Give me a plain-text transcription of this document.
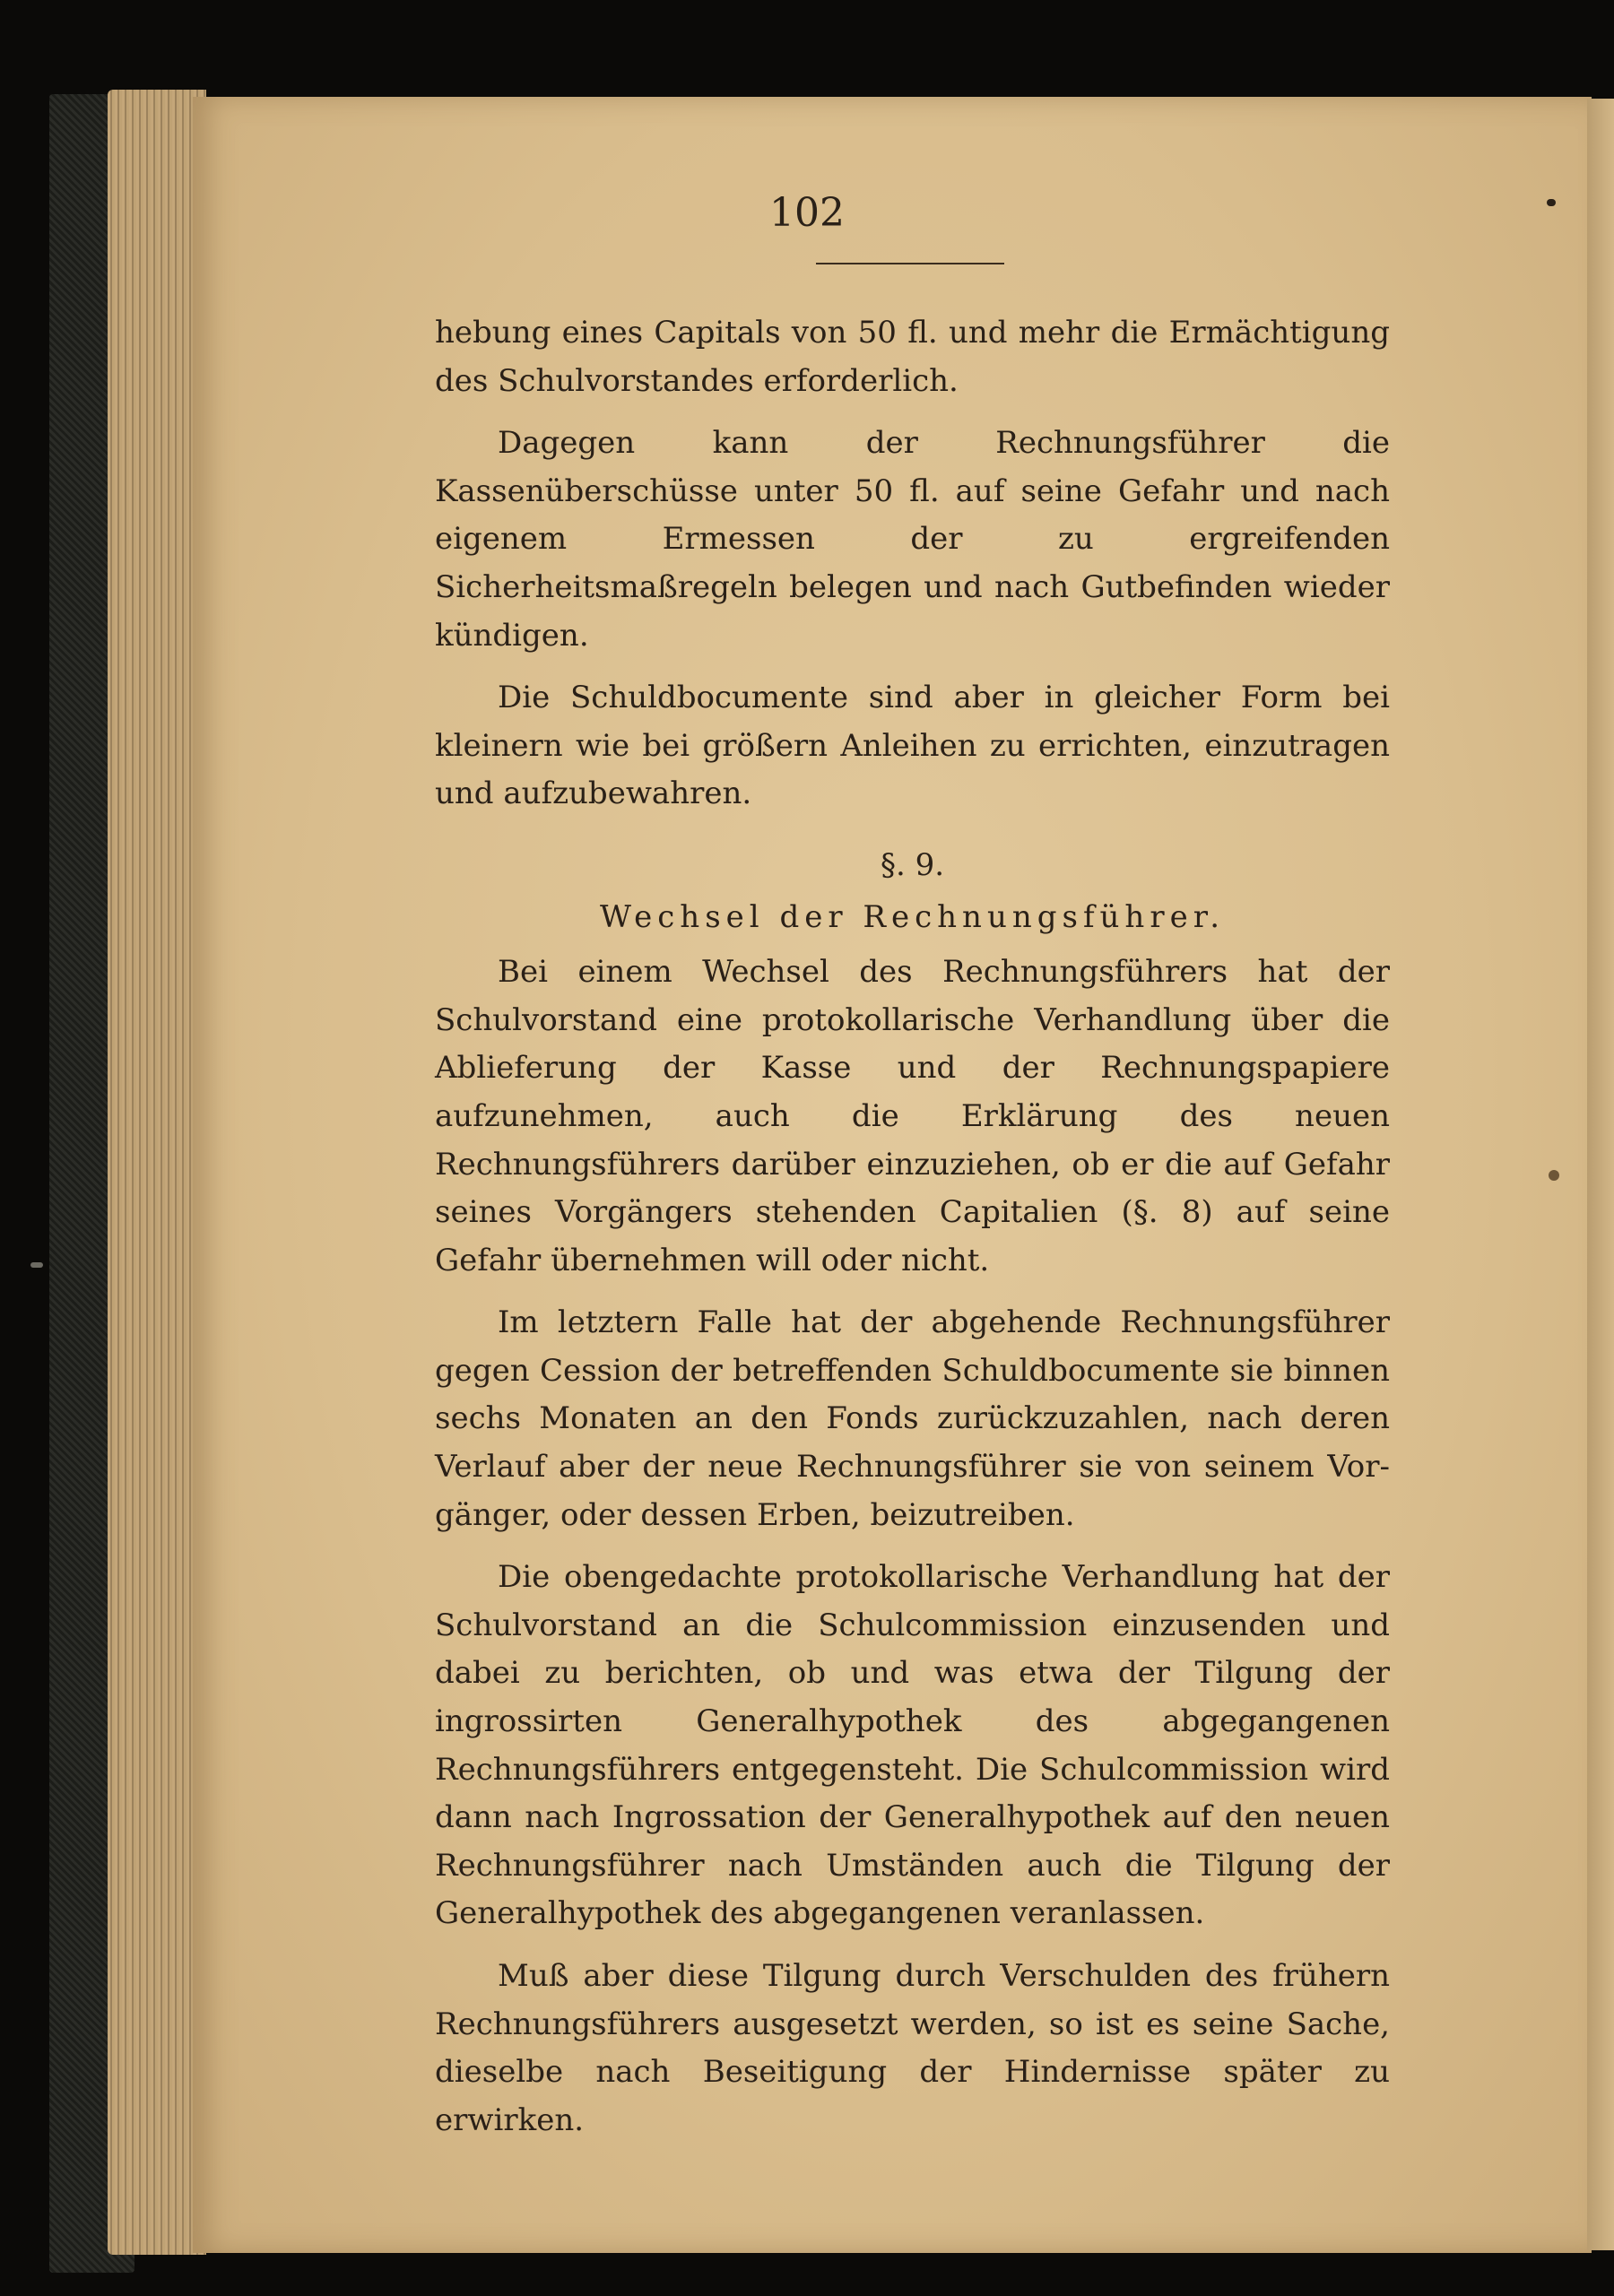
102

hebung eines Capitals von 50 fl. und mehr die Ermächtigung des Schulvorstandes erforderlich.

Dagegen kann der Rechnungsführer die Kassenüberschüsse unter 50 fl. auf seine Gefahr und nach eigenem Ermessen der zu ergreifenden Sicherheitsmaßregeln belegen und nach Gutbefinden wieder kündigen.

Die Schuldbocumente sind aber in gleicher Form bei kleinern wie bei größern Anleihen zu errichten, einzutragen und aufzubewahren.

§. 9.
Wechsel der Rechnungsführer.

Bei einem Wechsel des Rechnungsführers hat der Schulvorstand eine protokollarische Verhandlung über die Ablieferung der Kasse und der Rechnungspapiere aufzunehmen, auch die Erklärung des neuen Rechnungsführers darüber einzuziehen, ob er die auf Gefahr seines Vorgängers stehenden Capitalien (§. 8) auf seine Gefahr übernehmen will oder nicht.

Im letztern Falle hat der abgehende Rechnungsführer gegen Cession der betreffenden Schuldbocumente sie binnen sechs Monaten an den Fonds zurückzuzahlen, nach deren Verlauf aber der neue Rechnungsführer sie von seinem Vorgänger, oder dessen Erben, beizutreiben.

Die obengedachte protokollarische Verhandlung hat der Schulvorstand an die Schulcommission einzusenden und dabei zu berichten, ob und was etwa der Tilgung der ingrossirten Generalhypothek des abgegangenen Rechnungsführers entgegensteht. Die Schulcommission wird dann nach Ingrossation der Generalhypothek auf den neuen Rechnungsführer nach Umständen auch die Tilgung der Generalhypothek des abgegangenen veranlassen.

Muß aber diese Tilgung durch Verschulden des frühern Rechnungsführers ausgesetzt werden, so ist es seine Sache, dieselbe nach Beseitigung der Hindernisse später zu erwirken.
